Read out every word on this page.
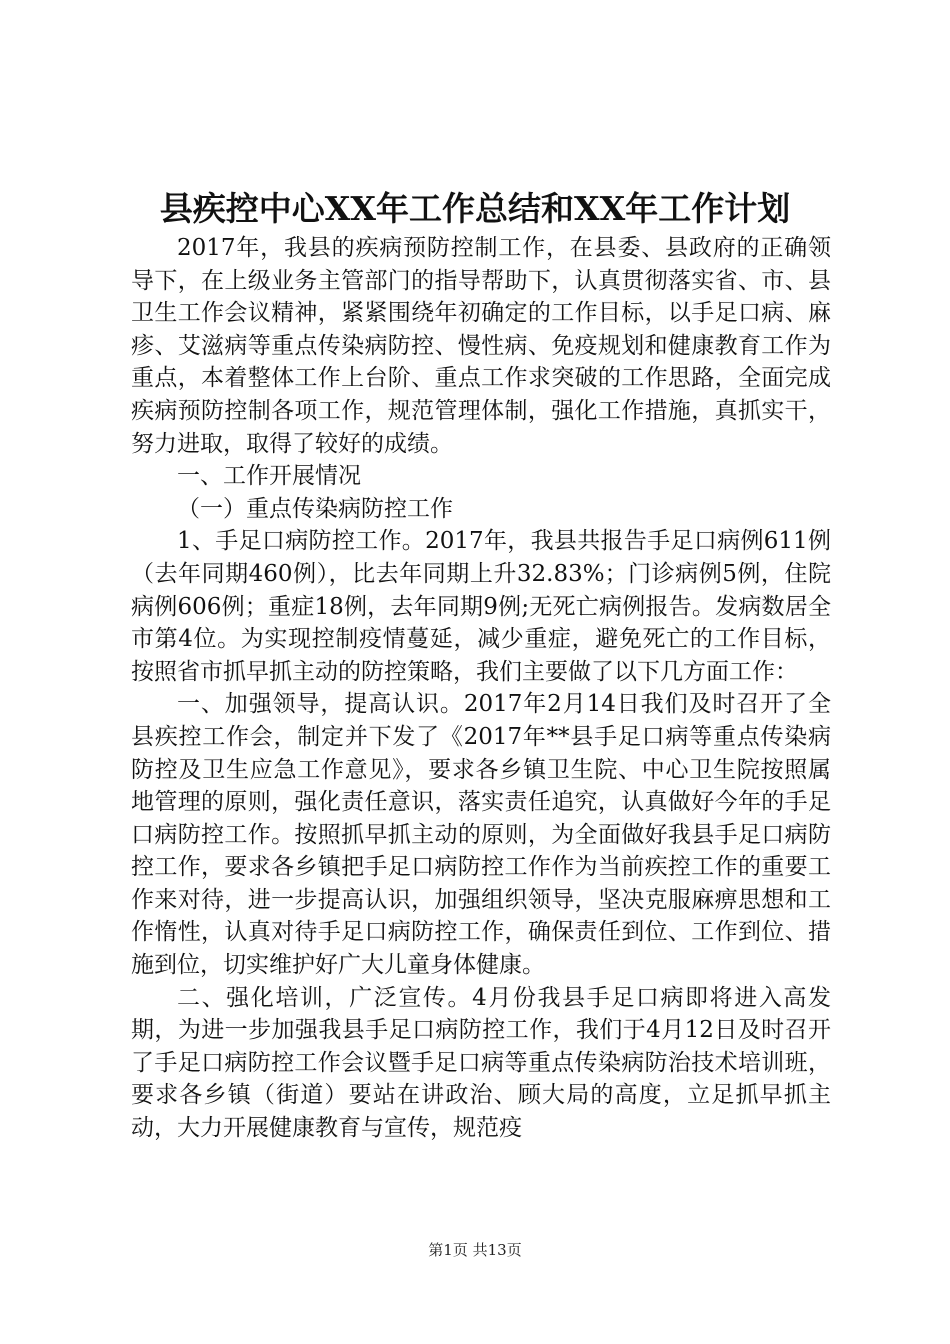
县疾控中心XX年工作总结和XX年工作计划

2017年，我县的疾病预防控制工作，在县委、县政府的正确领导下，在上级业务主管部门的指导帮助下，认真贯彻落实省、市、县卫生工作会议精神，紧紧围绕年初确定的工作目标，以手足口病、麻疹、艾滋病等重点传染病防控、慢性病、免疫规划和健康教育工作为重点，本着整体工作上台阶、重点工作求突破的工作思路，全面完成疾病预防控制各项工作，规范管理体制，强化工作措施，真抓实干，努力进取，取得了较好的成绩。

一、工作开展情况

（一）重点传染病防控工作

1、手足口病防控工作。2017年，我县共报告手足口病例611例（去年同期460例），比去年同期上升32.83%；门诊病例5例，住院病例606例；重症18例，去年同期9例;无死亡病例报告。发病数居全市第4位。为实现控制疫情蔓延，减少重症，避免死亡的工作目标，按照省市抓早抓主动的防控策略，我们主要做了以下几方面工作：

一、加强领导，提高认识。2017年2月14日我们及时召开了全县疾控工作会，制定并下发了《2017年**县手足口病等重点传染病防控及卫生应急工作意见》，要求各乡镇卫生院、中心卫生院按照属地管理的原则，强化责任意识，落实责任追究，认真做好今年的手足口病防控工作。按照抓早抓主动的原则，为全面做好我县手足口病防控工作，要求各乡镇把手足口病防控工作作为当前疾控工作的重要工作来对待，进一步提高认识，加强组织领导，坚决克服麻痹思想和工作惰性，认真对待手足口病防控工作，确保责任到位、工作到位、措施到位，切实维护好广大儿童身体健康。

二、强化培训，广泛宣传。4月份我县手足口病即将进入高发期，为进一步加强我县手足口病防控工作，我们于4月12日及时召开了手足口病防控工作会议暨手足口病等重点传染病防治技术培训班，要求各乡镇（街道）要站在讲政治、顾大局的高度，立足抓早抓主动，大力开展健康教育与宣传，规范疫

第1页 共13页
